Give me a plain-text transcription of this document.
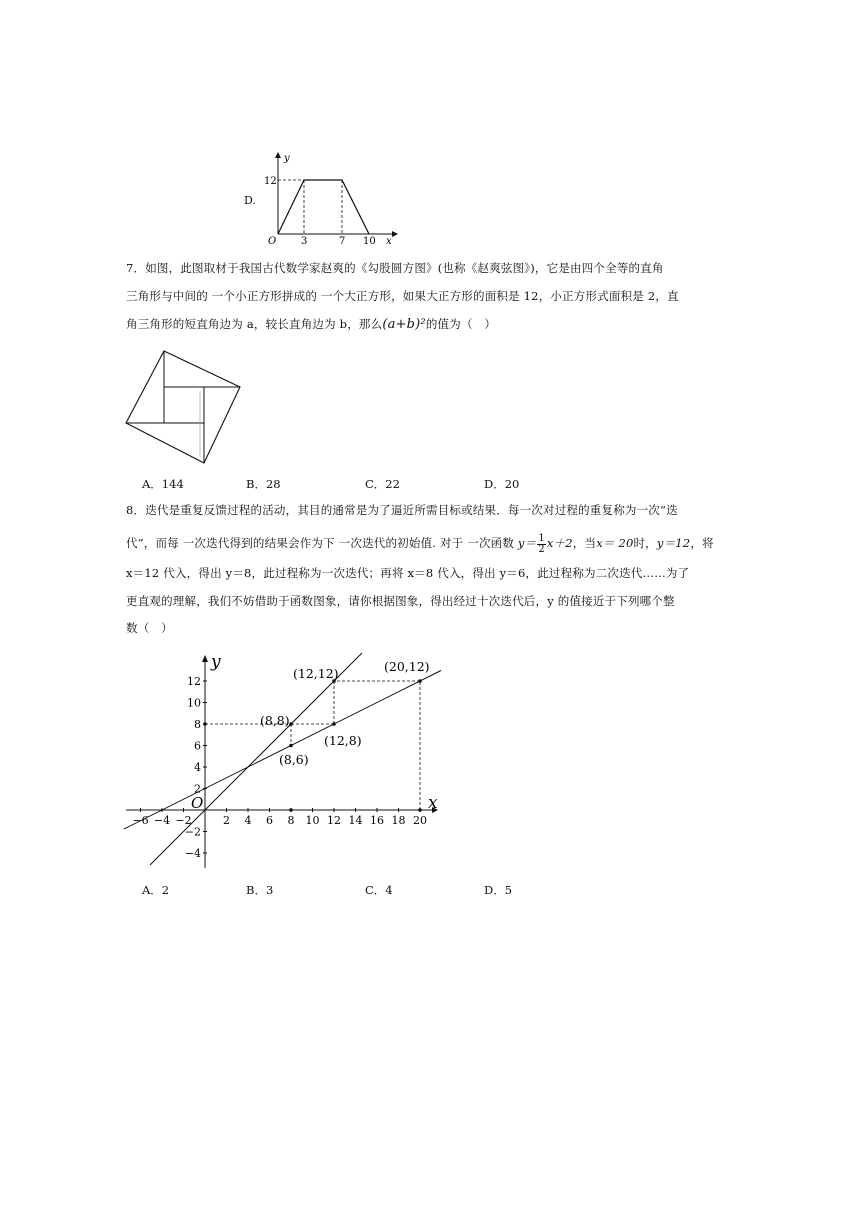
D.
y
x
O
12
3	7 10
7．如图，此图取材于我国古代数学家赵爽的《勾股圆方图》(也称《赵爽弦图》)，它是由四个全等的直角
三角形与中间的 一个小正方形拼成的 一个大正方形，如果大正方形的面积是 12，小正方形式面积是 2，直
角三角形的短直角边为 a，较长直角边为 b，那么(a+b)²的值为（　）
A．144	B．28	C．22	D．20
8．迭代是重复反馈过程的活动，其目的通常是为了逼近所需目标或结果．每一次对过程的重复称为一次“迭
代”，而每 一次迭代得到的结果会作为下 一次迭代的初始值. 对于 一次函数 $y= \frac{1}{2} x+2$，当x＝ 20时，y＝12，将
x＝12 代入，得出 y＝8，此过程称为一次迭代；再将 x＝8 代入，得出 y＝6，此过程称为二次迭代……为了
更直观的理解，我们不妨借助于函数图象，请你根据图象，得出经过十次迭代后，y 的值接近于下列哪个整
数（　）
y
x
O
−6 −4 −2	2 4 6 8 10 12 14 16 18 20
12
10
8
6
4
2
−2
−4
(12,12)	(20,12)
(8,8)
(12,8)
(8,6)
A．2	B．3	C．4	D．5
